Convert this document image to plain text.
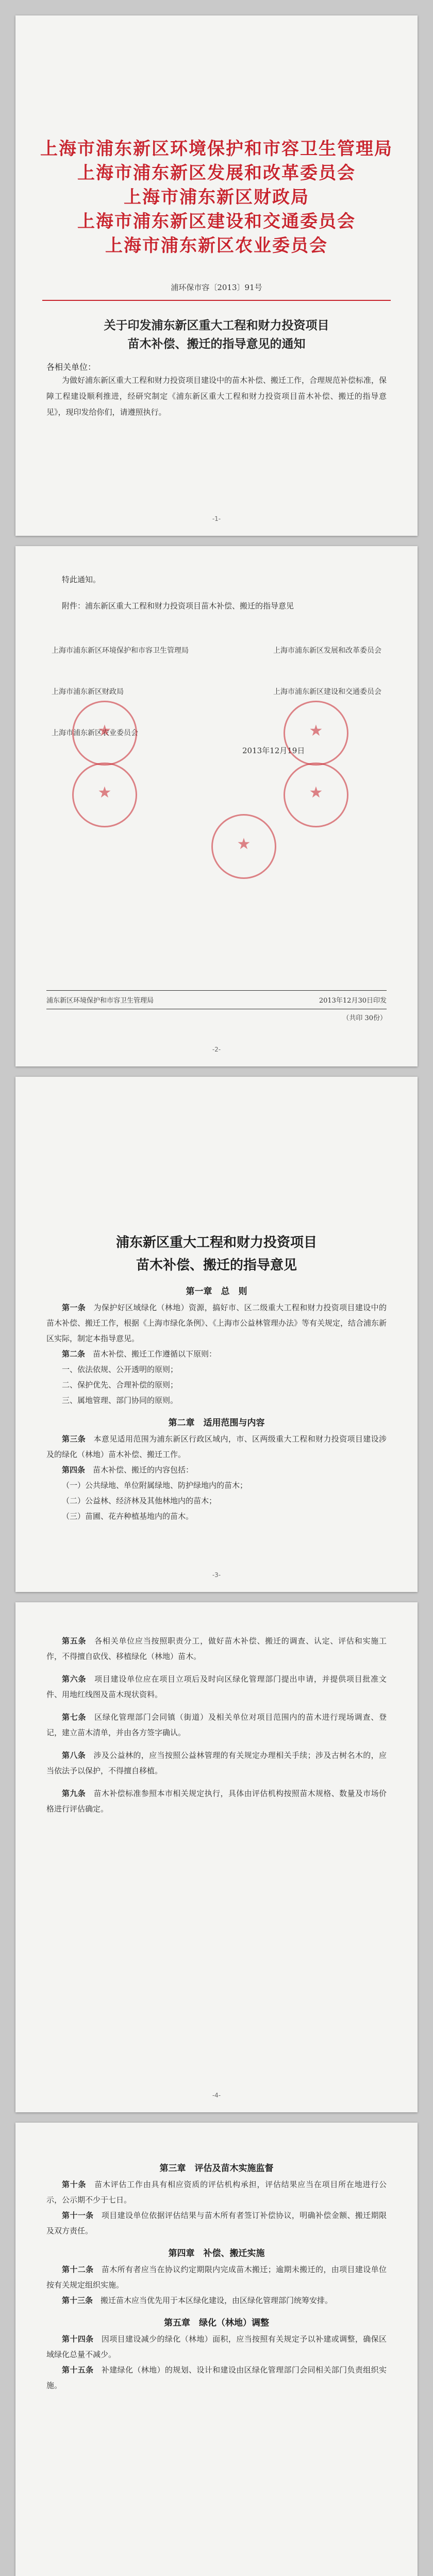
上海市浦东新区环境保护和市容卫生管理局
上海市浦东新区发展和改革委员会
上海市浦东新区财政局
上海市浦东新区建设和交通委员会
上海市浦东新区农业委员会
浦环保市容〔2013〕91号
关于印发浦东新区重大工程和财力投资项目
苗木补偿、搬迁的指导意见的通知
各相关单位：
为做好浦东新区重大工程和财力投资项目建设中的苗木补偿、搬迁工作，合理规范补偿标准，保障工程建设顺利推进，经研究制定《浦东新区重大工程和财力投资项目苗木补偿、搬迁的指导意见》，现印发给你们，请遵照执行。
-1-
特此通知。
附件：浦东新区重大工程和财力投资项目苗木补偿、搬迁的指导意见
上海市浦东新区环境保护和市容卫生管理局	上海市浦东新区发展和改革委员会
上海市浦东新区财政局	上海市浦东新区建设和交通委员会
上海市浦东新区农业委员会
2013年12月19日
★
★
★
★
★
浦东新区环境保护和市容卫生管理局	2013年12月30日印发
（共印 30份）
-2-
浦东新区重大工程和财力投资项目
苗木补偿、搬迁的指导意见
第一章　总　则
第一条　 为保护好区域绿化（林地）资源，搞好市、区二级重大工程和财力投资项目建设中的苗木补偿、搬迁工作，根据《上海市绿化条例》、《上海市公益林管理办法》等有关规定，结合浦东新区实际，制定本指导意见。
第二条　 苗木补偿、搬迁工作遵循以下原则：
一、依法依规、公开透明的原则；
二、保护优先、合理补偿的原则；
三、属地管理、部门协同的原则。
第二章　适用范围与内容
第三条　 本意见适用范围为浦东新区行政区域内，市、区两级重大工程和财力投资项目建设涉及的绿化（林地）苗木补偿、搬迁工作。
第四条　 苗木补偿、搬迁的内容包括：
（一）公共绿地、单位附属绿地、防护绿地内的苗木；
（二）公益林、经济林及其他林地内的苗木；
（三）苗圃、花卉种植基地内的苗木。
-3-
第五条　 各相关单位应当按照职责分工，做好苗木补偿、搬迁的调查、认定、评估和实施工作，不得擅自砍伐、移植绿化（林地）苗木。
第六条　 项目建设单位应在项目立项后及时向区绿化管理部门提出申请，并提供项目批准文件、用地红线图及苗木现状资料。
第七条　 区绿化管理部门会同镇（街道）及相关单位对项目范围内的苗木进行现场调查、登记，建立苗木清单，并由各方签字确认。
第八条　 涉及公益林的，应当按照公益林管理的有关规定办理相关手续；涉及古树名木的，应当依法予以保护，不得擅自移植。
第九条　 苗木补偿标准参照本市相关规定执行，具体由评估机构按照苗木规格、数量及市场价格进行评估确定。
-4-
第三章　评估及苗木实施监督
第十条　 苗木评估工作由具有相应资质的评估机构承担，评估结果应当在项目所在地进行公示，公示期不少于七日。
第十一条　 项目建设单位依据评估结果与苗木所有者签订补偿协议，明确补偿金额、搬迁期限及双方责任。
第四章　补偿、搬迁实施
第十二条　 苗木所有者应当在协议约定期限内完成苗木搬迁；逾期未搬迁的，由项目建设单位按有关规定组织实施。
第十三条　 搬迁苗木应当优先用于本区绿化建设，由区绿化管理部门统筹安排。
第五章　绿化（林地）调整
第十四条　 因项目建设减少的绿化（林地）面积，应当按照有关规定予以补建或调整，确保区域绿化总量不减少。
第十五条　 补建绿化（林地）的规划、设计和建设由区绿化管理部门会同相关部门负责组织实施。
